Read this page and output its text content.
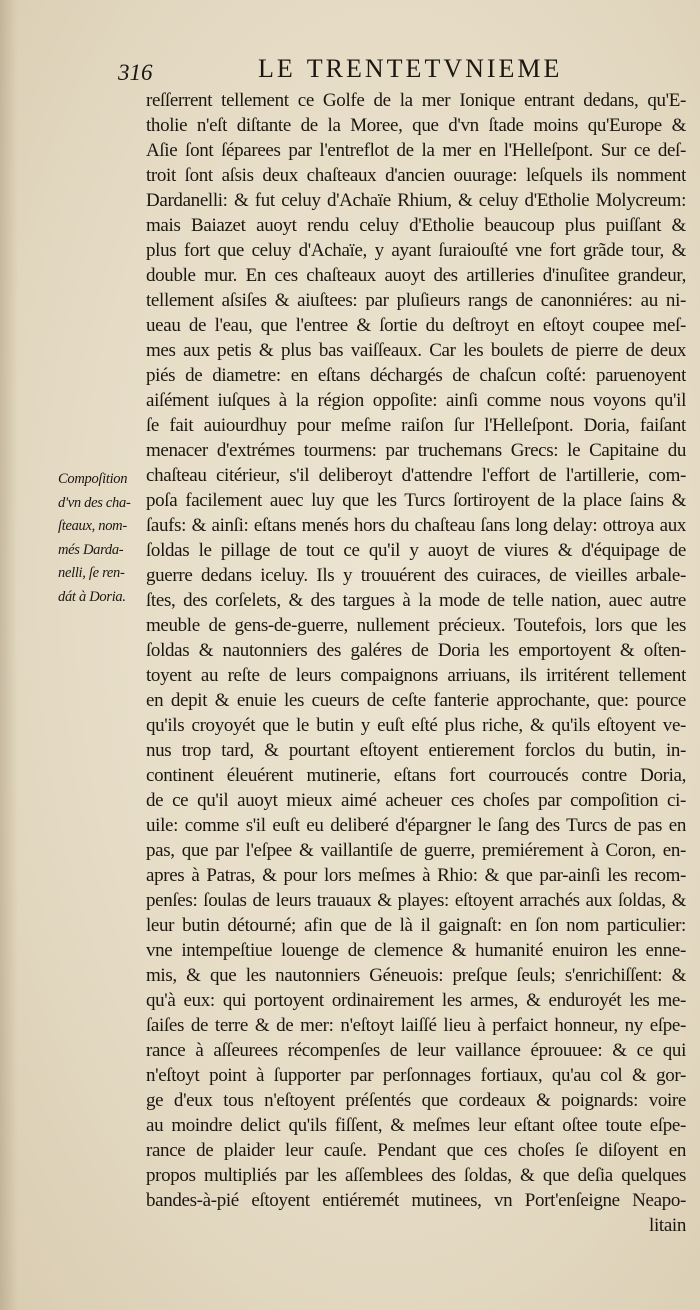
316	LE TRENTETVNIEME
Compoſition
d'vn des cha-
ſteaux, nom-
més Darda-
nelli, ſe ren-
dát à Doria.
reſſerrent tellement ce Golfe de la mer Ionique entrant dedans, qu'E-
tholie n'eſt diſtante de la Moree, que d'vn ſtade moins qu'Europe &
Aſie ſont ſéparees par l'entreflot de la mer en l'Helleſpont. Sur ce deſ-
troit ſont aſsis deux chaſteaux d'ancien ouurage: leſquels ils nomment
Dardanelli: & fut celuy d'Achaïe Rhium, & celuy d'Etholie Molycreum:
mais Baiazet auoyt rendu celuy d'Etholie beaucoup plus puiſſant &
plus fort que celuy d'Achaïe, y ayant ſuraiouſté vne fort grãde tour, &
double mur. En ces chaſteaux auoyt des artilleries d'inuſitee grandeur,
tellement aſsiſes & aiuſtees: par pluſieurs rangs de canonniéres: au ni-
ueau de l'eau, que l'entree & ſortie du deſtroyt en eſtoyt coupee meſ-
mes aux petis & plus bas vaiſſeaux. Car les boulets de pierre de deux
piés de diametre: en eſtans déchargés de chaſcun coſté: paruenoyent
aiſément iuſques à la région oppoſite: ainſi comme nous voyons qu'il
ſe fait auiourdhuy pour meſme raiſon ſur l'Helleſpont. Doria, faiſant
menacer d'extrémes tourmens: par truchemans Grecs: le Capitaine du
chaſteau citérieur, s'il deliberoyt d'attendre l'effort de l'artillerie, com-
poſa facilement auec luy que les Turcs ſortiroyent de la place ſains &
ſaufs: & ainſi: eſtans menés hors du chaſteau ſans long delay: ottroya aux
ſoldas le pillage de tout ce qu'il y auoyt de viures & d'équipage de
guerre dedans iceluy. Ils y trouuérent des cuiraces, de vieilles arbale-
ſtes, des corſelets, & des targues à la mode de telle nation, auec autre
meuble de gens-de-guerre, nullement précieux. Toutefois, lors que les
ſoldas & nautonniers des galéres de Doria les emportoyent & oſten-
toyent au reſte de leurs compaignons arriuans, ils irritérent tellement
en depit & enuie les cueurs de ceſte fanterie approchante, que: pource
qu'ils croyoyét que le butin y euſt eſté plus riche, & qu'ils eſtoyent ve-
nus trop tard, & pourtant eſtoyent entierement forclos du butin, in-
continent éleuérent mutinerie, eſtans fort courroucés contre Doria,
de ce qu'il auoyt mieux aimé acheuer ces choſes par compoſition ci-
uile: comme s'il euſt eu deliberé d'épargner le ſang des Turcs de pas en
pas, que par l'eſpee & vaillantiſe de guerre, premiérement à Coron, en-
apres à Patras, & pour lors meſmes à Rhio: & que par-ainſi les recom-
penſes: ſoulas de leurs trauaux & playes: eſtoyent arrachés aux ſoldas, &
leur butin détourné; afin que de là il gaignaſt: en ſon nom particulier:
vne intempeſtiue louenge de clemence & humanité enuiron les enne-
mis, & que les nautonniers Géneuois: preſque ſeuls; s'enrichiſſent: &
qu'à eux: qui portoyent ordinairement les armes, & enduroyét les me-
ſaiſes de terre & de mer: n'eſtoyt laiſſé lieu à perfaict honneur, ny eſpe-
rance à aſſeurees récompenſes de leur vaillance éprouuee: & ce qui
n'eſtoyt point à ſupporter par perſonnages fortiaux, qu'au col & gor-
ge d'eux tous n'eſtoyent préſentés que cordeaux & poignards: voire
au moindre delict qu'ils fiſſent, & meſmes leur eſtant oſtee toute eſpe-
rance de plaider leur cauſe. Pendant que ces choſes ſe diſoyent en
propos multipliés par les aſſemblees des ſoldas, & que deſia quelques
bandes-à-pié eſtoyent entiéremét mutinees, vn Port'enſeigne Neapo-
litain
